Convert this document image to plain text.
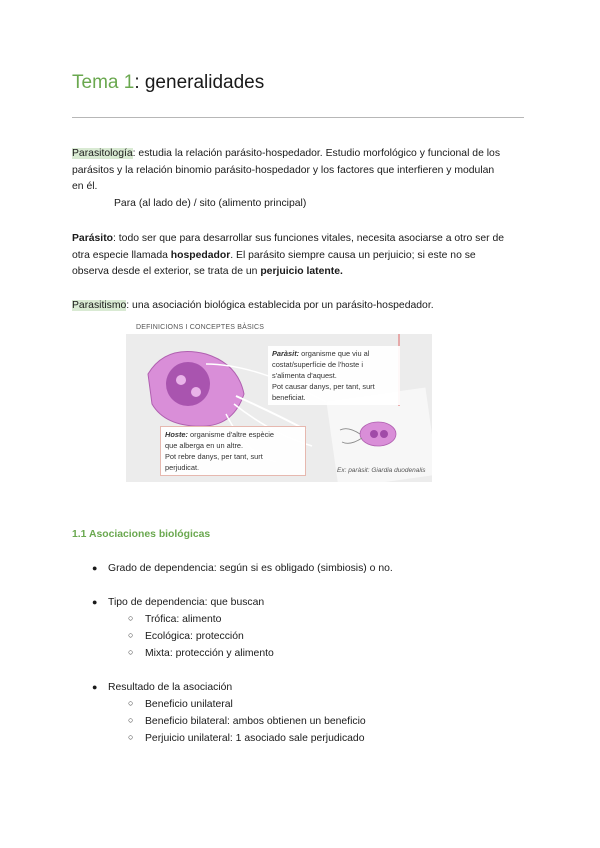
Tema 1: generalidades
Parasitología: estudia la relación parásito-hospedador. Estudio morfológico y funcional de los
parásitos y la relación binomio parásito-hospedador y los factores que interfieren y modulan
en él.
Para (al lado de) / sito (alimento principal)
Parásito: todo ser que para desarrollar sus funciones vitales, necesita asociarse a otro ser de
otra especie llamada hospedador. El parásito siempre causa un perjuicio; si este no se
observa desde el exterior, se trata de un perjuicio latente.
Parasitismo: una asociación biológica establecida por un parásito-hospedador.
DEFINICIONS I CONCEPTES BÀSICS
Paràsit: organisme que viu al
costat/superfície de l'hoste i
s'alimenta d'aquest.
Pot causar danys, per tant, surt
beneficiat.
Hoste: organisme d'altre espècie
que alberga en un altre.
Pot rebre danys, per tant, surt
perjudicat.	Ex: paràsit: Giardia duodenalis
1.1 Asociaciones biológicas
● Grado de dependencia: según si es obligado (simbiosis) o no.
● Tipo de dependencia: que buscan
○ Trófica: alimento
○ Ecológica: protección
○ Mixta: protección y alimento
● Resultado de la asociación
○ Beneficio unilateral
○ Beneficio bilateral: ambos obtienen un beneficio
○ Perjuicio unilateral: 1 asociado sale perjudicado
